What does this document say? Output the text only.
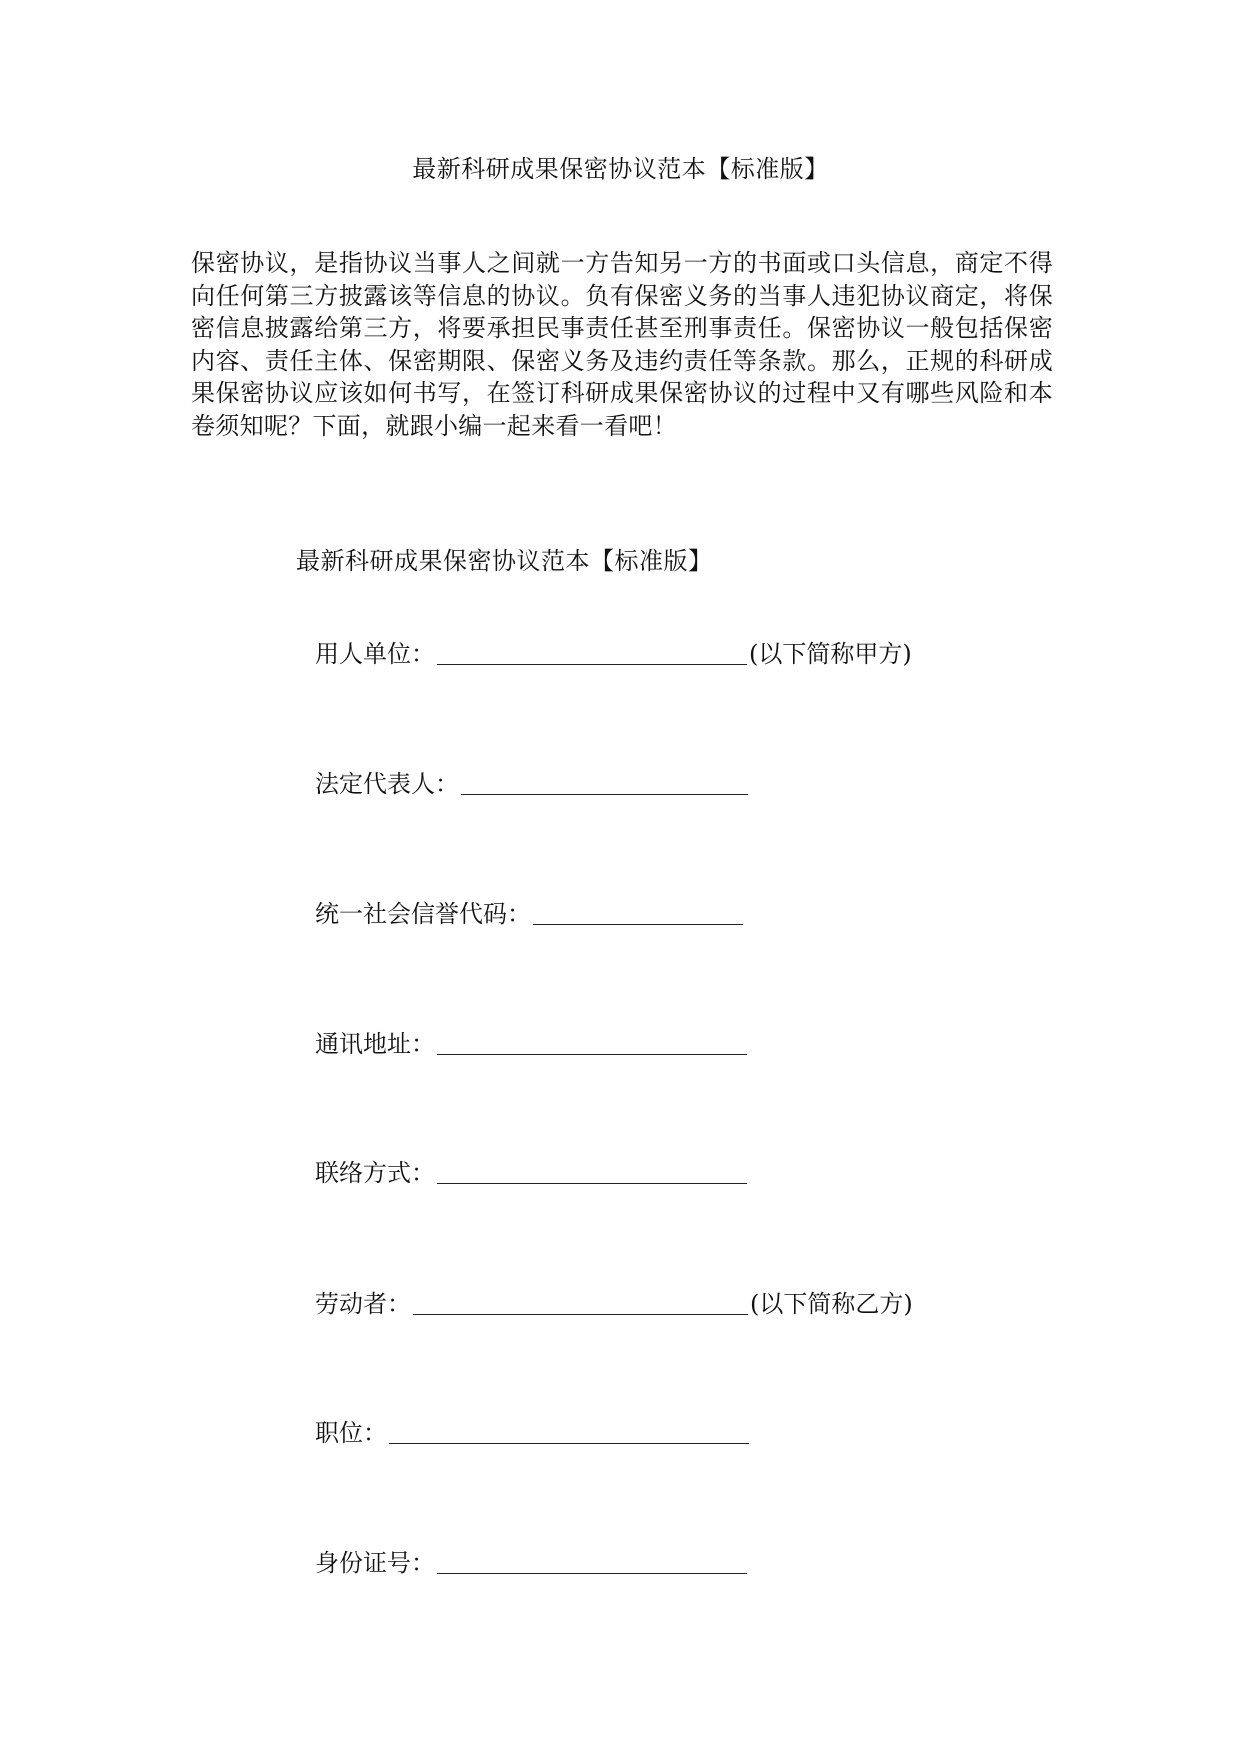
最新科研成果保密协议范本【标准版】

保密协议，是指协议当事人之间就一方告知另一方的书面或口头信息，商定不得向任何第三方披露该等信息的协议。负有保密义务的当事人违犯协议商定，将保密信息披露给第三方，将要承担民事责任甚至刑事责任。保密协议一般包括保密内容、责任主体、保密期限、保密义务及违约责任等条款。那么，正规的科研成果保密协议应该如何书写，在签订科研成果保密协议的过程中又有哪些风险和本卷须知呢？下面，就跟小编一起来看一看吧！

最新科研成果保密协议范本【标准版】
用人单位：	(以下简称甲方)
法定代表人：
统一社会信誉代码：
通讯地址：
联络方式：
劳动者：	(以下简称乙方)
职位：
身份证号：
